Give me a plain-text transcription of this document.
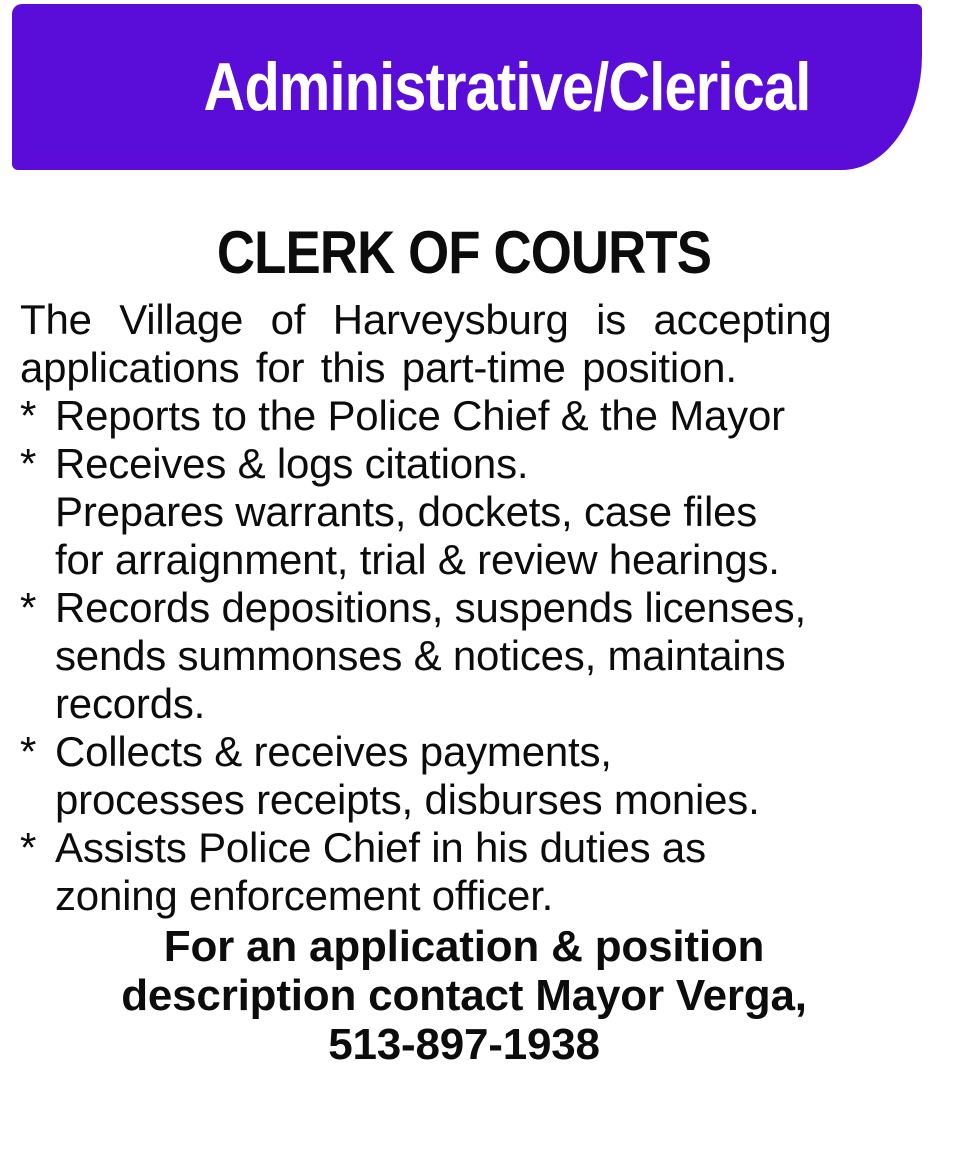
Administrative/Clerical
CLERK OF COURTS
The Village of Harveysburg is accepting
applications for this part-time position.
* Reports to the Police Chief & the Mayor
* Receives & logs citations.
Prepares warrants, dockets, case files
for arraignment, trial & review hearings.
* Records depositions, suspends licenses,
sends summonses & notices, maintains
records.
* Collects & receives payments,
processes receipts, disburses monies.
* Assists Police Chief in his duties as
zoning enforcement officer.
For an application & position
description contact Mayor Verga,
513-897-1938
